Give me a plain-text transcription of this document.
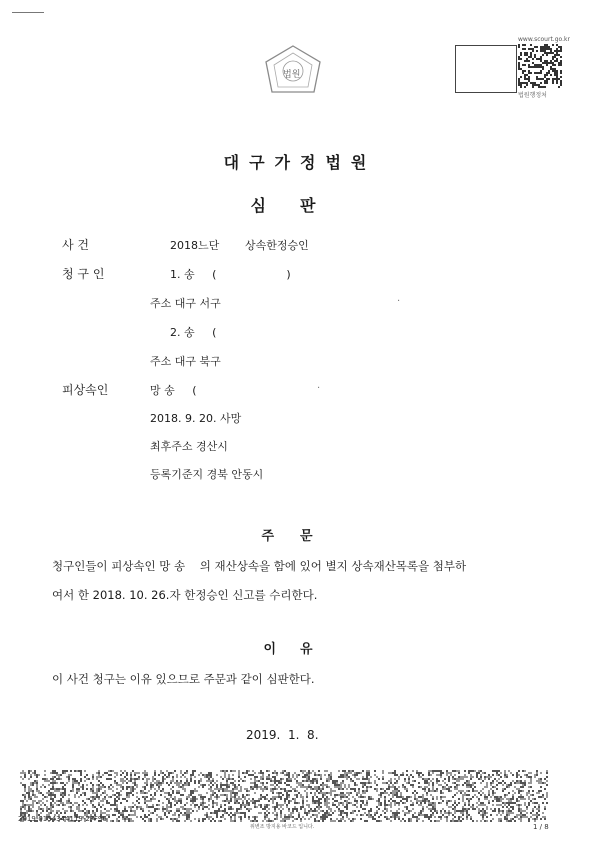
법원
www.scourt.go.kr
법원행정처
대구가정법원
심판
사 건	2018느단 상속한정승인
청 구 인	1. 송     (                    )
주소 대구 서구	·
2. 송     (
주소 대구 북구
피상속인	망 송     (	·
2018. 9. 20. 사망
최후주소 경산시
등록기준지 경북 안동시
주문
청구인들이 피상속인 망 송    의 재산상속을 함에 있어 별지 상속재산목록을 첨부하
여서 한 2018. 10. 26.자 한정승인 신고를 수리한다.
이유
이 사건 청구는 이유 있으므로 주문과 같이 심판한다.
2019.  1.  8.
2019-0134344119-2FF96
위변조 방지용 바코드 입니다.	1 / 8
